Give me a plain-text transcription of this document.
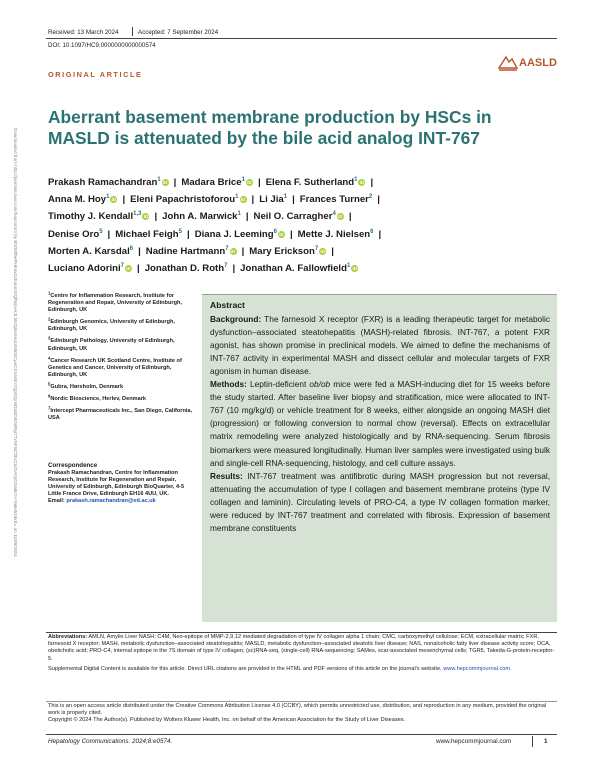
Received: 13 March 2024	Accepted: 7 September 2024
DOI: 10.1097/HC9.0000000000000574
AASLD
ORIGINAL ARTICLE
Aberrant basement membrane production by HSCs in MASLD is attenuated by the bile acid analog INT-767
Prakash Ramachandran$^1$ iD | Madara Brice$^1$ iD | Elena F. Sutherland$^1$ iD |
Anna M. Hoy$^1$ iD | Eleni Papachristoforou$^1$ iD | Li Jia$^1$ | Frances Turner$^2$ |
Timothy J. Kendall$^{1,3}$ iD | John A. Marwick$^1$ | Neil O. Carragher$^4$ iD |
Denise Oro$^5$ | Michael Feigh$^5$ | Diana J. Leeming$^6$ iD | Mette J. Nielsen$^6$ |
Morten A. Karsdal$^6$ | Nadine Hartmann$^7$ iD | Mary Erickson$^7$ iD |
Luciano Adorini$^7$ iD | Jonathan D. Roth$^7$ | Jonathan A. Fallowfield$^1$ iD
Downloaded from http://journals.lww.com/hepcomm by BhDMf5ePHKav1zEoum1tQfN4a+kJLhEZgbsIHo4XMi0hCywCX1AWnYQp/IlQrHD3i3D0OdRyi7TvSFl4Cf3VC4/OAVpDDa8K2+Ya6H515kE= on 11/09/2024	$^1$Centre for Inflammation Research, Institute for Regeneration and Repair, University of Edinburgh, Edinburgh, UK

$^2$Edinburgh Genomics, University of Edinburgh, Edinburgh, UK

$^3$Edinburgh Pathology, University of Edinburgh, Edinburgh, UK

$^4$Cancer Research UK Scotland Centre, Institute of Genetics and Cancer, University of Edinburgh, Edinburgh, UK

$^5$Gubra, Hørsholm, Denmark

$^6$Nordic Bioscience, Herlev, Denmark

$^7$Intercept Pharmaceuticals Inc., San Diego, California, USA

Correspondence
Prakash Ramachandran, Centre for Inflammation Research, Institute for Regeneration and Repair, University of Edinburgh, Edinburgh BioQuarter, 4-5 Little France Drive, Edinburgh EH16 4UU, UK.
Email: prakash.ramachandran@ed.ac.uk
Abstract

Background: The farnesoid X receptor (FXR) is a leading therapeutic target for metabolic dysfunction–associated steatohepatitis (MASH)-related fibrosis. INT-767, a potent FXR agonist, has shown promise in preclinical models. We aimed to define the mechanisms of INT-767 activity in experimental MASH and dissect cellular and molecular targets of FXR agonism in human disease.

Methods: Leptin-deficient ob/ob mice were fed a MASH-inducing diet for 15 weeks before the study started. After baseline liver biopsy and stratification, mice were allocated to INT-767 (10 mg/kg/d) or vehicle treatment for 8 weeks, either alongside an ongoing MASH diet (progression) or following conversion to normal chow (reversal). Effects on extracellular matrix remodeling were analyzed histologically and by RNA-sequencing. Serum fibrosis biomarkers were measured longitudinally. Human liver samples were investigated using bulk and single-cell RNA-sequencing, histology, and cell culture assays.

Results: INT-767 treatment was antifibrotic during MASH progression but not reversal, attenuating the accumulation of type I collagen and basement membrane proteins (type IV collagen and laminin). Circulating levels of PRO-C4, a type IV collagen formation marker, were reduced by INT-767 treatment and correlated with fibrosis. Expression of basement membrane constituents

Abbreviations: AMLN, Amylin Liver NASH; C4M, Neo-epitope of MMP-2,9,12 mediated degradation of type IV collagen alpha 1 chain; CMC, carboxymethyl cellulose; ECM, extracellular matrix; FXR, farnesoid X receptor; MASH, metabolic dysfunction–associated steatohepatitis; MASLD, metabolic dysfunction–associated steatotic liver disease; NAS, nonalcoholic fatty liver disease activity score; OCA, obeticholic acid; PRO-C4, internal epitope in the 7S domain of type IV collagen; (sc)RNA-seq, (single-cell) RNA-sequencing; SAMes, scar-associated mesenchymal cells; TGR5, Takeda-G-protein-receptor-5.
Supplemental Digital Content is available for this article. Direct URL citations are provided in the HTML and PDF versions of this article on the journal's website, www.hepcommjournal.com.
This is an open access article distributed under the Creative Commons Attribution License 4.0 (CCBY), which permits unrestricted use, distribution, and reproduction in any medium, provided the original work is properly cited.
Copyright © 2024 The Author(s). Published by Wolters Kluwer Health, Inc. on behalf of the American Association for the Study of Liver Diseases.
Hepatology Communications. 2024;8:e0574.	www.hepcommjournal.com	1
